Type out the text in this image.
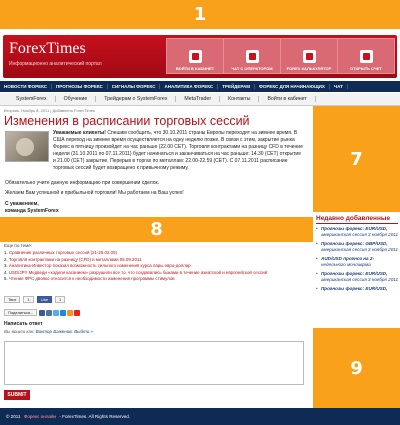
1
ForexTimes
Информационно аналитический портал
ВОЙТИ В КАБИНЕТ	ЧАТ С ОПЕРАТОРОМ	FOREX КАЛЬКУЛЯТОР	ОТКРЫТЬ СЧЕТ
НОВОСТИ ФОРЕКС	ПРОГНОЗЫ ФОРЕКС	СИГНАЛЫ ФОРЕКС	АНАЛИТИКА ФОРЕКС	ТРЕЙДЕРАМ	ФОРЕКС ДЛЯ НАЧИНАЮЩИХ	ЧАТ
SystemForex	Обучение	Трейдерам о SystemForex	MetaTrader	Контакты	Войти в кабинет
Вторник, Ноябрь 8, 2011 | Добавлено ForexTimes
Изменения в расписании торговых сессий
Уважаемые клиенты! Спешим сообщить, что 30.10.2011 страны Европы переходят на зимнее время. В США переход на зимнее время осуществляется на одну неделю позже. В связи с этим, закрытие рынка Форекс в пятницу произойдет на час раньше (22.00 CET). Торговля контрактами на разницу CFD в течение недели (31.10.2011 по 07.11.2011) будет начинаться и заканчиваться на час раньше: 14.30 (CET) открытие и 21.00 (CET) закрытие. Перерыв в торгах по металлам: 22.00-22.59 (CET). С 07.11.2011 расписание торговых сессий будет возвращено к привычному режиму.
Обязательно учите данную информацию при совершении сделок.
Желаем Вам успешной и прибыльной торговли! Мы работаем на Ваш успех!
С уважением,
команда SystemForex
7
8
9
Недавно добавленные
• Прогнозы форекс: EUR/USD, американская сессия 3 ноября 2011
• Прогнозы форекс: GBP/USD, американская сессия 3 ноября 2011
• AUD/USD прогноз на 2- недельного мочливрма
• Прогнозы форекс: EUR/USD, американская сессия 3 ноября 2011
• Прогнозы форекс: EUR/USD,
Еще по теме:
1. Сравнение различных торговых сессий (21-25.02.05)
2. Торговля контрактами на разницу (CFD) и металлами 05.09.2011
3. Аналитика-Инвестор показал возможность сильного изменения курса пары евро-доллар
4. USD/JPY Медведи «ходили касанием» разрушили все то, что создавались быками в течение азиатской и европейской сессий
5. Чтение ФРС двояко относится к необходимости изменения программы стимулов
Твит	1	Like	1
Поделиться...
Написать ответ
Вы вошли как: Виктор Баженов. Выйти »
SUBMIT
© 2011
Форекс онлайн
- ForexTimes. All Rights Reserved.
